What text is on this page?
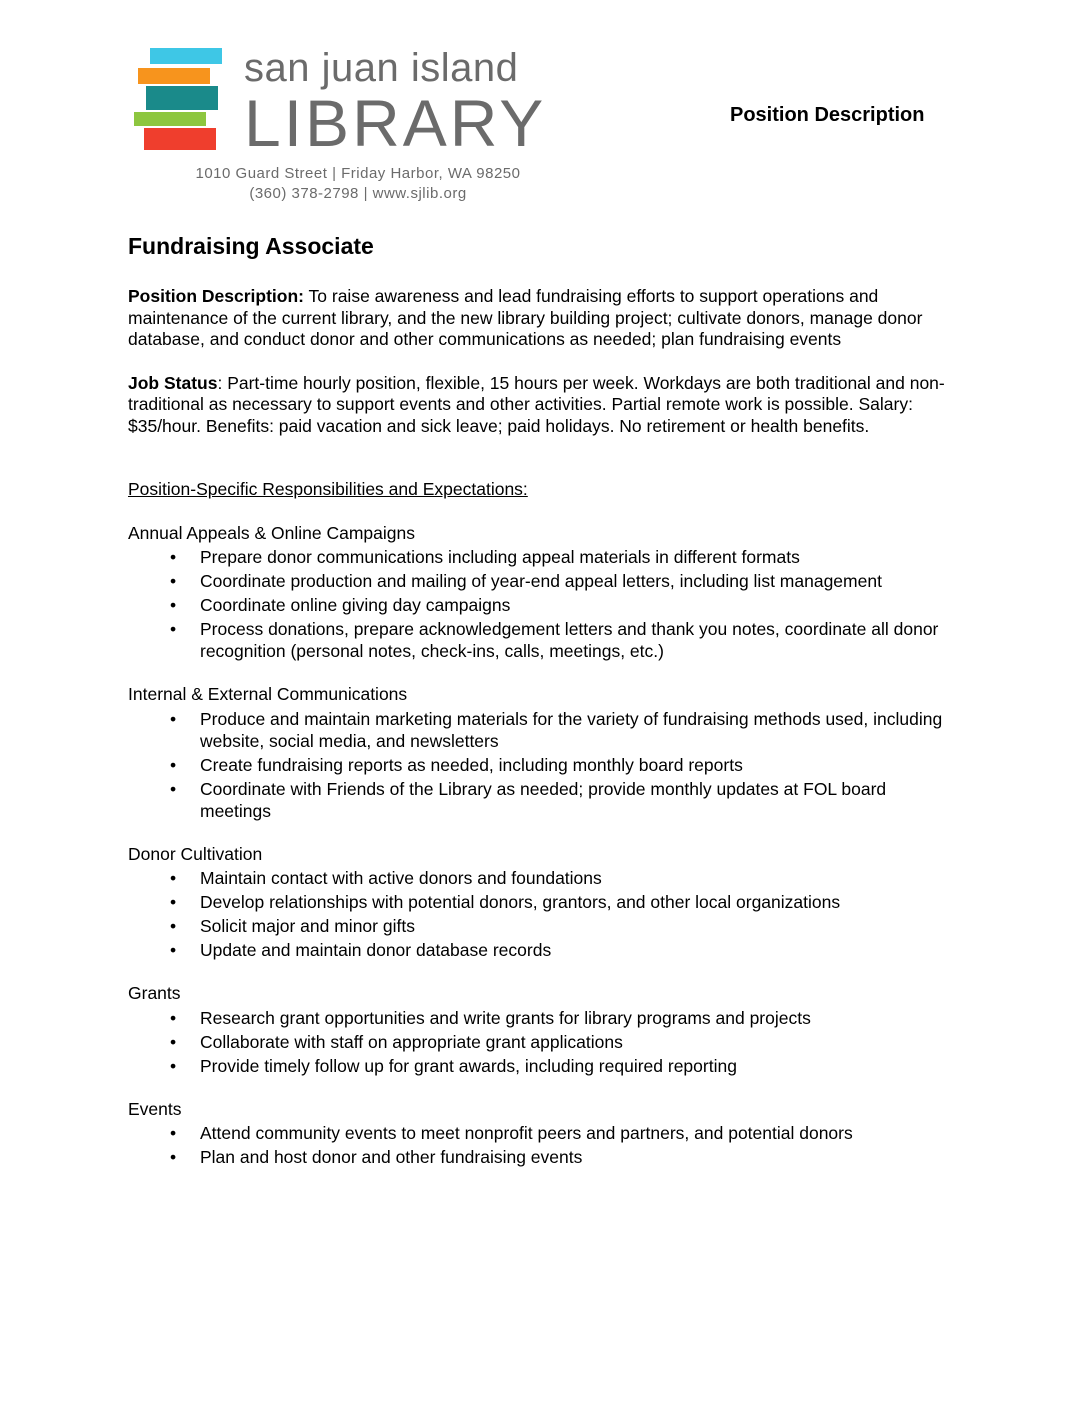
san juan island
LIBRARY
1010 Guard Street | Friday Harbor, WA 98250
(360) 378-2798 | www.sjlib.org
Position Description
Fundraising Associate

Position Description: To raise awareness and lead fundraising efforts to support operations and maintenance of the current library, and the new library building project; cultivate donors, manage donor database, and conduct donor and other communications as needed; plan fundraising events

Job Status: Part-time hourly position, flexible, 15 hours per week. Workdays are both traditional and non-traditional as necessary to support events and other activities. Partial remote work is possible. Salary: $35/hour. Benefits: paid vacation and sick leave; paid holidays. No retirement or health benefits.

Position-Specific Responsibilities and Expectations:

Annual Appeals & Online Campaigns
• Prepare donor communications including appeal materials in different formats
• Coordinate production and mailing of year-end appeal letters, including list management
• Coordinate online giving day campaigns
• Process donations, prepare acknowledgement letters and thank you notes, coordinate all donor recognition (personal notes, check-ins, calls, meetings, etc.)
Internal & External Communications
• Produce and maintain marketing materials for the variety of fundraising methods used, including website, social media, and newsletters
• Create fundraising reports as needed, including monthly board reports
• Coordinate with Friends of the Library as needed; provide monthly updates at FOL board meetings
Donor Cultivation
• Maintain contact with active donors and foundations
• Develop relationships with potential donors, grantors, and other local organizations
• Solicit major and minor gifts
• Update and maintain donor database records
Grants
• Research grant opportunities and write grants for library programs and projects
• Collaborate with staff on appropriate grant applications
• Provide timely follow up for grant awards, including required reporting
Events
• Attend community events to meet nonprofit peers and partners, and potential donors
• Plan and host donor and other fundraising events
